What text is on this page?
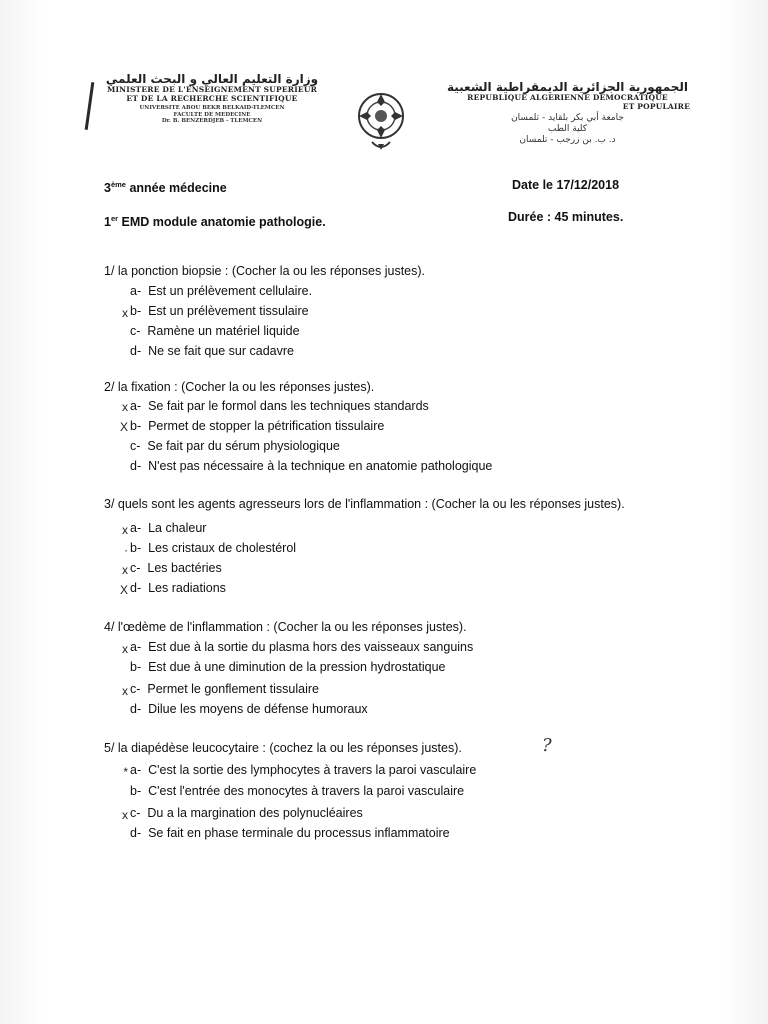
وزارة التعليم العالي و البحث العلمي
MINISTERE DE L'ENSEIGNEMENT SUPERIEUR
ET DE LA RECHERCHE SCIENTIFIQUE
UNIVERSITE ABOU BEKR BELKAID-TLEMCEN
FACULTE DE MEDECINE
Dr. B. BENZERDJEB - TLEMCEN
الجمهورية الجزائرية الديمقراطية الشعبية
REPUBLIQUE ALGERIENNE DEMOCRATIQUE
ET POPULAIRE
جامعة أبي بكر بلقايد - تلمسان
كلية الطب
د. ب. بن زرجب - تلمسان
3ème année médecine	Date le 17/12/2018
1er EMD module anatomie pathologie.	Durée : 45 minutes.
1/ la ponction biopsie : (Cocher la ou les réponses justes).
x
a- Est un prélèvement cellulaire.
b- Est un prélèvement tissulaire
c- Ramène un matériel liquide
d- Ne se fait que sur cadavre
2/ la fixation : (Cocher la ou les réponses justes).
x
X
a- Se fait par le formol dans les techniques standards
b- Permet de stopper la pétrification tissulaire
c- Se fait par du sérum physiologique
d- N'est pas nécessaire à la technique en anatomie pathologique
3/ quels sont les agents agresseurs lors de l'inflammation : (Cocher la ou les réponses justes).
x
·
x
X
a- La chaleur
b- Les cristaux de cholestérol
c- Les bactéries
d- Les radiations
4/ l'œdème de l'inflammation : (Cocher la ou les réponses justes).
x
x
a- Est due à la sortie du plasma hors des vaisseaux sanguins
b- Est due à une diminution de la pression hydrostatique
c- Permet le gonflement tissulaire
d- Dilue les moyens de défense humoraux
5/ la diapédèse leucocytaire : (cochez la ou les réponses justes).	?
*
x
a- C'est la sortie des lymphocytes à travers la paroi vasculaire
b- C'est l'entrée des monocytes à travers la paroi vasculaire
c- Du a la margination des polynucléaires
d- Se fait en phase terminale du processus inflammatoire
